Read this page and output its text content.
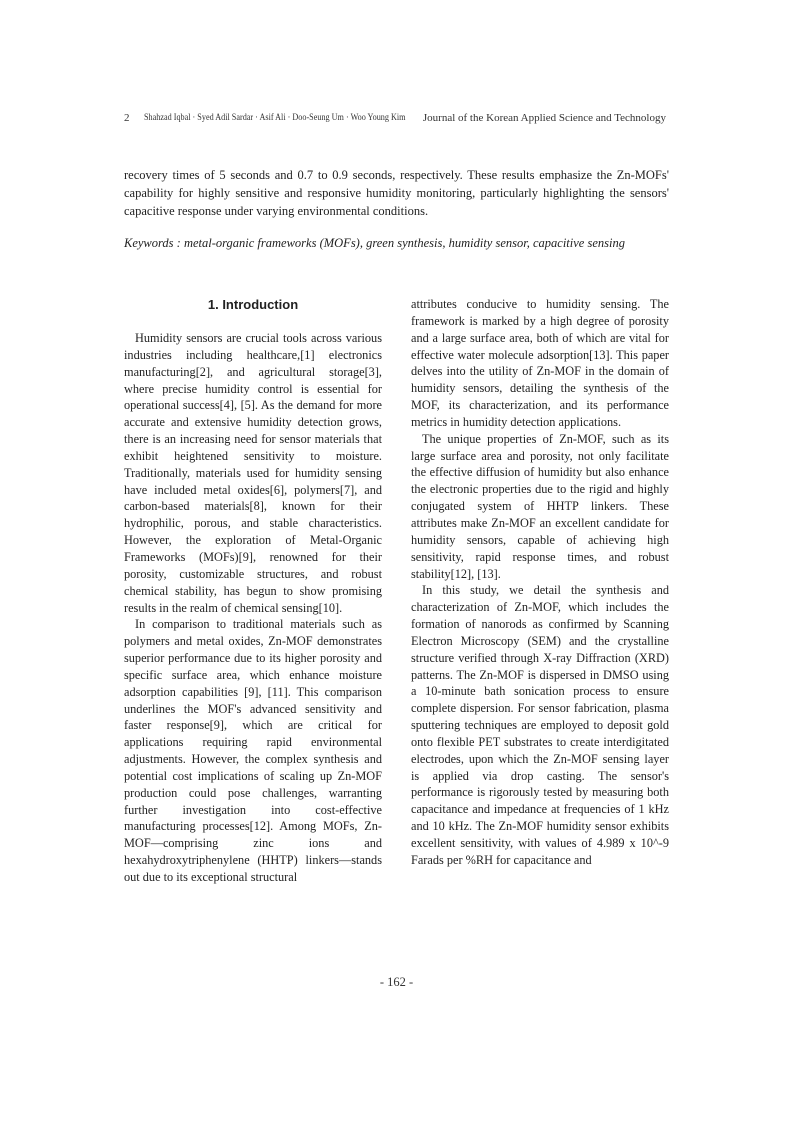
2 Shahzad Iqbal · Syed Adil Sardar · Asif Ali · Doo-Seung Um · Woo Young Kim Journal of the Korean Applied Science and Technology
recovery times of 5 seconds and 0.7 to 0.9 seconds, respectively. These results emphasize the Zn-MOFs' capability for highly sensitive and responsive humidity monitoring, particularly highlighting the sensors' capacitive response under varying environmental conditions.
Keywords : metal-organic frameworks (MOFs), green synthesis, humidity sensor, capacitive sensing
1. Introduction

Humidity sensors are crucial tools across various industries including healthcare,[1] electronics manufacturing[2], and agricultural storage[3], where precise humidity control is essential for operational success[4], [5]. As the demand for more accurate and extensive humidity detection grows, there is an increasing need for sensor materials that exhibit heightened sensitivity to moisture. Traditionally, materials used for humidity sensing have included metal oxides[6], polymers[7], and carbon-based materials[8], known for their hydrophilic, porous, and stable characteristics. However, the exploration of Metal-Organic Frameworks (MOFs)[9], renowned for their porosity, customizable structures, and robust chemical stability, has begun to show promising results in the realm of chemical sensing[10].

In comparison to traditional materials such as polymers and metal oxides, Zn-MOF demonstrates superior performance due to its higher porosity and specific surface area, which enhance moisture adsorption capabilities [9], [11]. This comparison underlines the MOF's advanced sensitivity and faster response[9], which are critical for applications requiring rapid environmental adjustments. However, the complex synthesis and potential cost implications of scaling up Zn-MOF production could pose challenges, warranting further investigation into cost-effective manufacturing processes[12]. Among MOFs, Zn-MOF—comprising zinc ions and hexahydroxytriphenylene (HHTP) linkers—stands out due to its exceptional structural

attributes conducive to humidity sensing. The framework is marked by a high degree of porosity and a large surface area, both of which are vital for effective water molecule adsorption[13]. This paper delves into the utility of Zn-MOF in the domain of humidity sensors, detailing the synthesis of the MOF, its characterization, and its performance metrics in humidity detection applications.

The unique properties of Zn-MOF, such as its large surface area and porosity, not only facilitate the effective diffusion of humidity but also enhance the electronic properties due to the rigid and highly conjugated system of HHTP linkers. These attributes make Zn-MOF an excellent candidate for humidity sensors, capable of achieving high sensitivity, rapid response times, and robust stability[12], [13].

In this study, we detail the synthesis and characterization of Zn-MOF, which includes the formation of nanorods as confirmed by Scanning Electron Microscopy (SEM) and the crystalline structure verified through X-ray Diffraction (XRD) patterns. The Zn-MOF is dispersed in DMSO using a 10-minute bath sonication process to ensure complete dispersion. For sensor fabrication, plasma sputtering techniques are employed to deposit gold onto flexible PET substrates to create interdigitated electrodes, upon which the Zn-MOF sensing layer is applied via drop casting. The sensor's performance is rigorously tested by measuring both capacitance and impedance at frequencies of 1 kHz and 10 kHz. The Zn-MOF humidity sensor exhibits excellent sensitivity, with values of 4.989 x 10^-9 Farads per %RH for capacitance and

- 162 -
